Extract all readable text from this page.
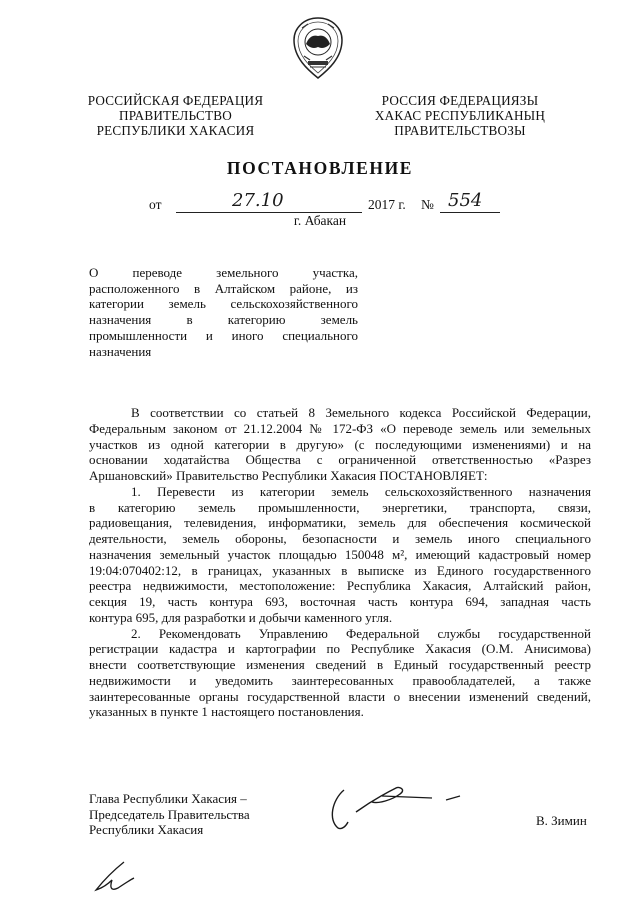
РОССИЙСКАЯ ФЕДЕРАЦИЯ
ПРАВИТЕЛЬСТВО
РЕСПУБЛИКИ ХАКАСИЯ
РОССИЯ ФЕДЕРАЦИЯЗЫ
ХАКАС РЕСПУБЛИКАНЫҢ
ПРАВИТЕЛЬСТВОЗЫ
ПОСТАНОВЛЕНИЕ
от	27.10	2017 г. № 554
г. Абакан
О переводе земельного участка,
расположенного в Алтайском районе, из
категории земель сельскохозяйственного
назначения в категорию земель
промышленности и иного специального
назначения
В соответствии со статьей 8 Земельного кодекса Российской Федерации,
Федеральным законом от 21.12.2004 № 172-ФЗ «О переводе земель или земельных
участков из одной категории в другую» (с последующими изменениями) и на
основании ходатайства Общества с ограниченной ответственностью «Разрез
Аршановский» Правительство Республики Хакасия ПОСТАНОВЛЯЕТ:
1. Перевести из категории земель сельскохозяйственного назначения
в категорию земель промышленности, энергетики, транспорта, связи,
радиовещания, телевидения, информатики, земель для обеспечения космической
деятельности, земель обороны, безопасности и земель иного специального
назначения земельный участок площадью 150048 м², имеющий кадастровый номер
19:04:070402:12, в границах, указанных в выписке из Единого государственного
реестра недвижимости, местоположение: Республика Хакасия, Алтайский район,
секция 19, часть контура 693, восточная часть контура 694, западная часть
контура 695, для разработки и добычи каменного угля.
2. Рекомендовать Управлению Федеральной службы государственной
регистрации кадастра и картографии по Республике Хакасия (О.М. Анисимова)
внести соответствующие изменения сведений в Единый государственный реестр
недвижимости и уведомить заинтересованных правообладателей, а также
заинтересованные органы государственной власти о внесении изменений сведений,
указанных в пункте 1 настоящего постановления.
Глава Республики Хакасия –
Председатель Правительства
Республики Хакасия
В. Зимин
